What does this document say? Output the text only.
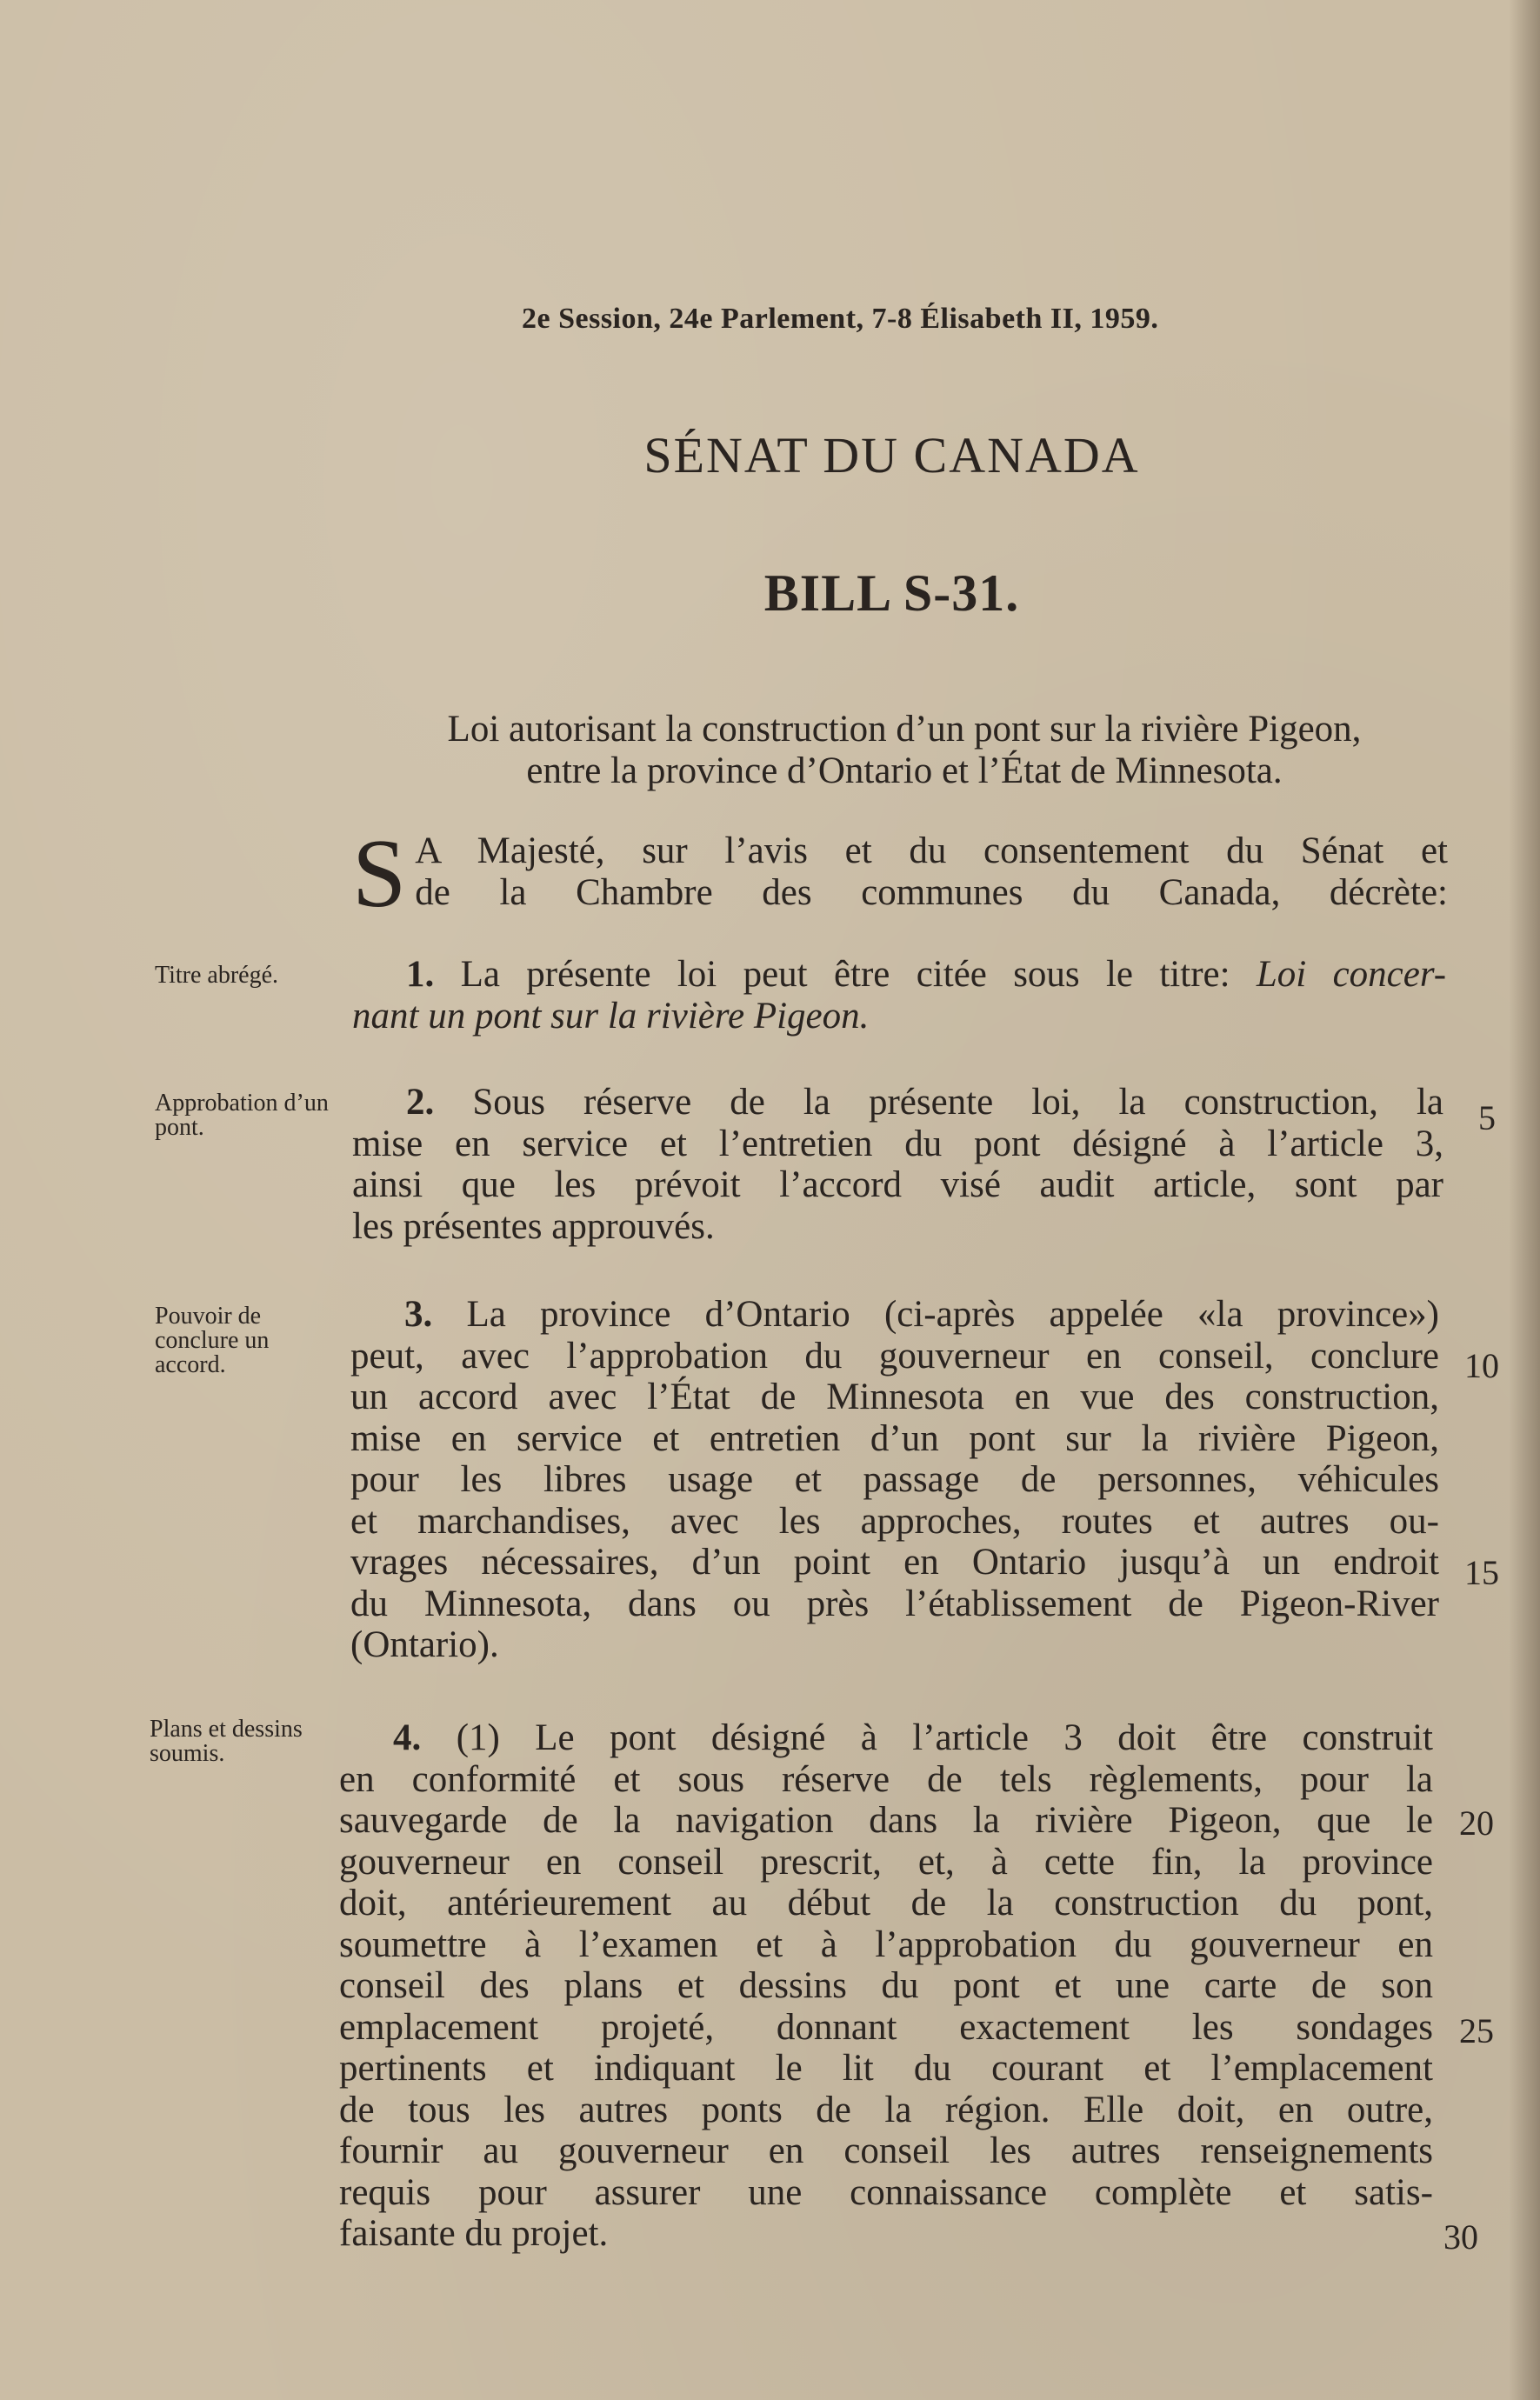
2e Session, 24e Parlement, 7-8 Élisabeth II, 1959.
SÉNAT DU CANADA
BILL S-31.
Loi autorisant la construction d’un pont sur la rivière Pigeon,
entre la province d’Ontario et l’État de Minnesota.
S A Majesté, sur l’avis et du consentement du Sénat et
de la Chambre des communes du Canada, décrète:
Titre abrégé.	1. La présente loi peut être citée sous le titre: Loi concer-
nant un pont sur la rivière Pigeon.
Approbation d’un pont.
2. Sous réserve de la présente loi, la construction, la
mise en service et l’entretien du pont désigné à l’article 3,
ainsi que les prévoit l’accord visé audit article, sont par
les présentes approuvés.
Pouvoir de conclure un accord.
3. La province d’Ontario (ci-après appelée «la province»)
peut, avec l’approbation du gouverneur en conseil, conclure
un accord avec l’État de Minnesota en vue des construction,
mise en service et entretien d’un pont sur la rivière Pigeon,
pour les libres usage et passage de personnes, véhicules
et marchandises, avec les approches, routes et autres ou-
vrages nécessaires, d’un point en Ontario jusqu’à un endroit
du Minnesota, dans ou près l’établissement de Pigeon-River
(Ontario).
Plans et dessins soumis.	4. (1) Le pont désigné à l’article 3 doit être construit
en conformité et sous réserve de tels règlements, pour la
sauvegarde de la navigation dans la rivière Pigeon, que le
gouverneur en conseil prescrit, et, à cette fin, la province
doit, antérieurement au début de la construction du pont,
soumettre à l’examen et à l’approbation du gouverneur en
conseil des plans et dessins du pont et une carte de son
emplacement projeté, donnant exactement les sondages
pertinents et indiquant le lit du courant et l’emplacement
de tous les autres ponts de la région. Elle doit, en outre,
fournir au gouverneur en conseil les autres renseignements
requis pour assurer une connaissance complète et satis-
faisante du projet.
5
10
15
20
25
30
